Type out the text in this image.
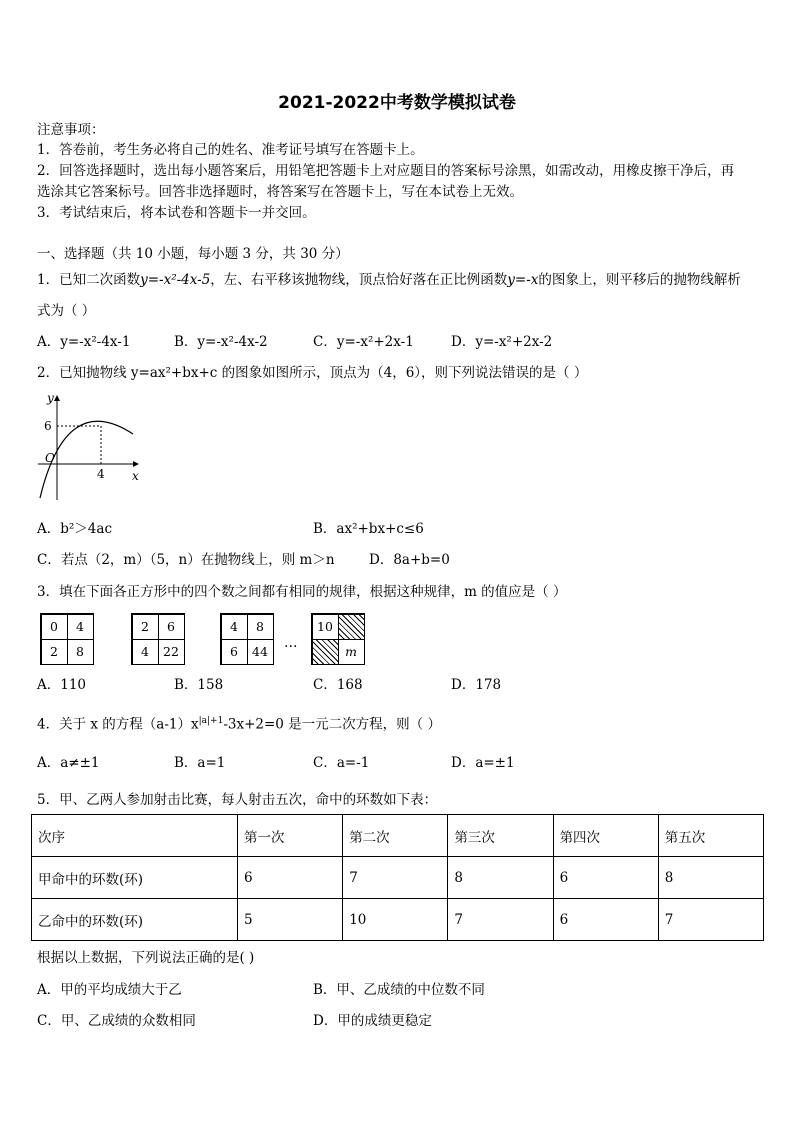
2021-2022中考数学模拟试卷
注意事项：
1．答卷前，考生务必将自己的姓名、准考证号填写在答题卡上。
2．回答选择题时，选出每小题答案后，用铅笔把答题卡上对应题目的答案标号涂黑，如需改动，用橡皮擦干净后，再
选涂其它答案标号。回答非选择题时，将答案写在答题卡上，写在本试卷上无效。
3．考试结束后，将本试卷和答题卡一并交回。
一、选择题（共 10 小题，每小题 3 分，共 30 分）
1．已知二次函数y=-x²-4x-5，左、右平移该抛物线，顶点恰好落在正比例函数y=-x的图象上，则平移后的抛物线解析
式为（ ）
A．y=-x²-4x-1	B．y=-x²-4x-2	C．y=-x²+2x-1	D．y=-x²+2x-2
2．已知抛物线 y=ax²+bx+c 的图象如图所示，顶点为（4，6），则下列说法错误的是（ ）
y
x
O
6
4
A．b²＞4ac	B．ax²+bx+c≤6
C．若点（2，m）（5，n）在抛物线上，则 m＞n	D．8a+b=0
3．填在下面各正方形中的四个数之间都有相同的规律，根据这种规律，m 的值应是（ ）
0	4
2	8
2	6
4	22
4	8
6	44
…
10
m
A．110	B．158	C．168	D．178
4．关于 x 的方程$(a-1)x^{|a|+1}-3x+2=0$ 是一元二次方程，则（ ）
A．a≠±1	B．a=1	C．a=-1	D．a=±1
5．甲、乙两人参加射击比赛，每人射击五次，命中的环数如下表：
次序	第一次	第二次	第三次	第四次	第五次
甲命中的环数(环)	6	7	8	6	8
乙命中的环数(环)	5	10	7	6	7
根据以上数据，下列说法正确的是( )
A．甲的平均成绩大于乙	B．甲、乙成绩的中位数不同
C．甲、乙成绩的众数相同	D．甲的成绩更稳定
